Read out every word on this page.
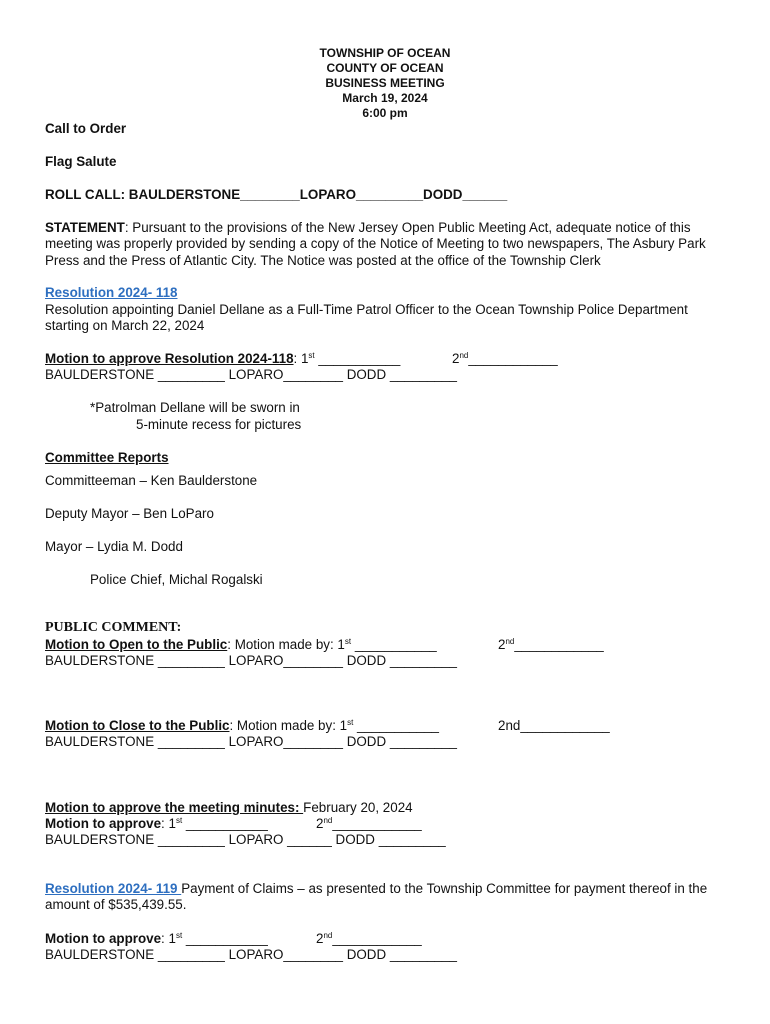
TOWNSHIP OF OCEAN
COUNTY OF OCEAN
BUSINESS MEETING
March 19, 2024
6:00 pm
Call to Order
Flag Salute
ROLL CALL: BAULDERSTONE________LOPARO_________DODD______
STATEMENT: Pursuant to the provisions of the New Jersey Open Public Meeting Act, adequate notice of this meeting was properly provided by sending a copy of the Notice of Meeting to two newspapers, The Asbury Park Press and the Press of Atlantic City. The Notice was posted at the office of the Township Clerk
Resolution 2024- 118
Resolution appointing Daniel Dellane as a Full-Time Patrol Officer to the Ocean Township Police Department starting on March 22, 2024
Motion to approve Resolution 2024-118: 1st ___________	2nd____________
BAULDERSTONE _________ LOPARO________ DODD _________
*Patrolman Dellane will be sworn in
5-minute recess for pictures
Committee Reports
Committeeman – Ken Baulderstone
Deputy Mayor – Ben LoParo
Mayor – Lydia M. Dodd
Police Chief, Michal Rogalski
PUBLIC COMMENT:
Motion to Open to the Public: Motion made by: 1st ___________	2nd____________
BAULDERSTONE _________ LOPARO________ DODD _________
Motion to Close to the Public: Motion made by: 1st ___________	2nd____________
BAULDERSTONE _________ LOPARO________ DODD _________
Motion to approve the meeting minutes: February 20, 2024
Motion to approve: 1st ___________	2nd____________
BAULDERSTONE _________ LOPARO ______ DODD _________
Resolution 2024- 119 Payment of Claims – as presented to the Township Committee for payment thereof in the amount of $535,439.55.
Motion to approve: 1st ___________	2nd____________
BAULDERSTONE _________ LOPARO________ DODD _________
